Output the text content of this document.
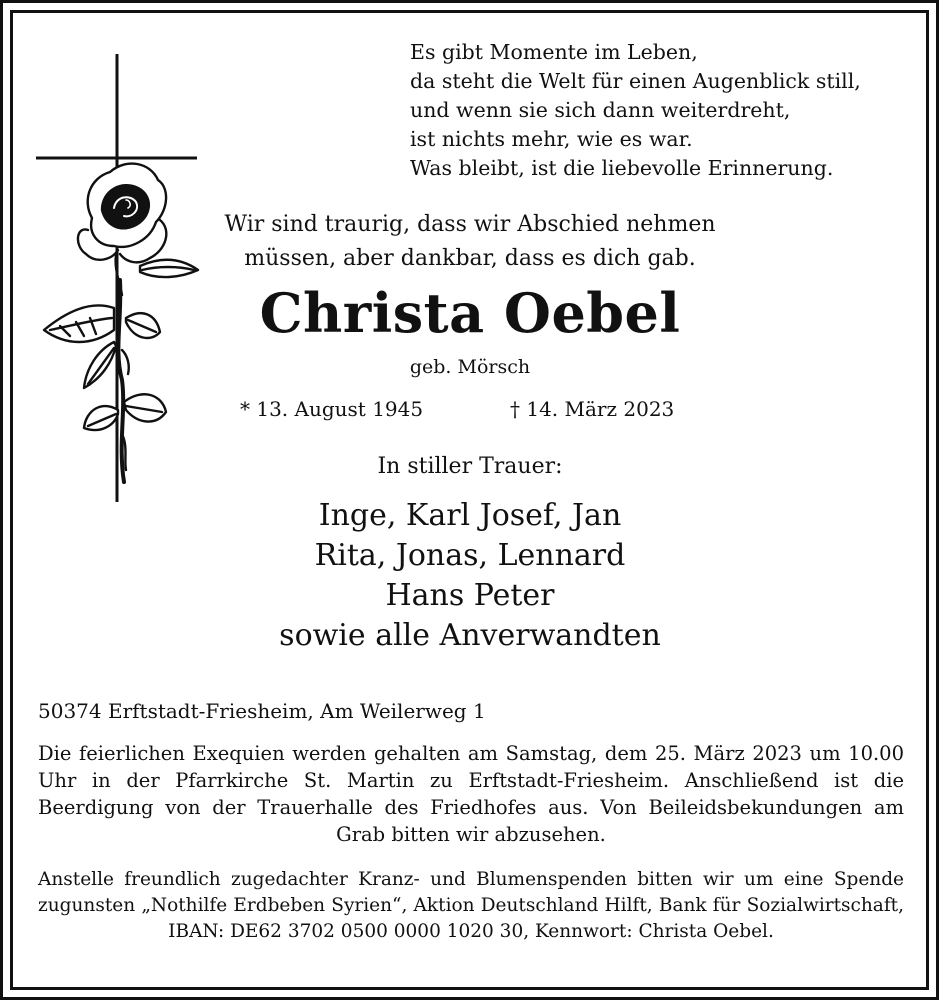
Es gibt Momente im Leben,
da steht die Welt für einen Augenblick still,
und wenn sie sich dann weiterdreht,
ist nichts mehr, wie es war.
Was bleibt, ist die liebevolle Erinnerung.
Wir sind traurig, dass wir Abschied nehmen
müssen, aber dankbar, dass es dich gab.
Christa Oebel
geb. Mörsch
* 13. August 1945	† 14. März 2023
In stiller Trauer:
Inge, Karl Josef, Jan
Rita, Jonas, Lennard
Hans Peter
sowie alle Anverwandten
50374 Erftstadt-Friesheim, Am Weilerweg 1
Die feierlichen Exequien werden gehalten am Samstag, dem 25. März 2023 um 10.00 Uhr in der Pfarrkirche St. Martin zu Erftstadt-Friesheim. Anschließend ist die Beerdigung von der Trauerhalle des Friedhofes aus. Von Beileidsbekundungen am Grab bitten wir abzusehen.
Anstelle freundlich zugedachter Kranz- und Blumenspenden bitten wir um eine Spende zugunsten „Nothilfe Erdbeben Syrien“, Aktion Deutschland Hilft, Bank für Sozialwirtschaft, IBAN: DE62 3702 0500 0000 1020 30, Kennwort: Christa Oebel.
